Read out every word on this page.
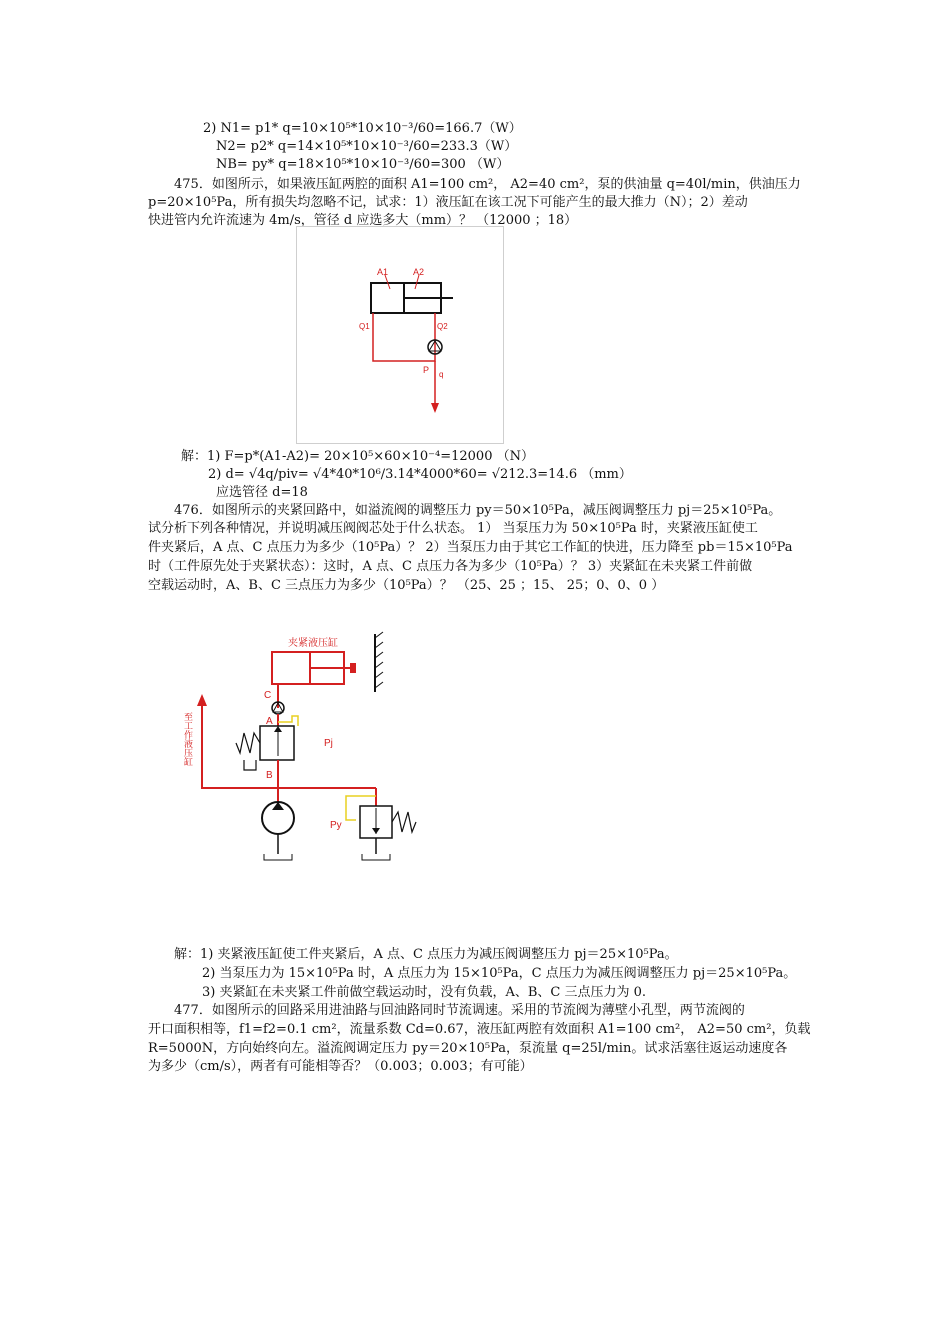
2) N1= p1* q=10×10⁵*10×10⁻³/60=166.7（W）
N2= p2* q=14×10⁵*10×10⁻³/60=233.3（W）
NB= py* q=18×10⁵*10×10⁻³/60=300 （W）
475．如图所示，如果液压缸两腔的面积 A1=100 cm²， A2=40 cm²，泵的供油量 q=40l/min，供油压力
p=20×10⁵Pa，所有损失均忽略不记，试求：1）液压缸在该工况下可能产生的最大推力（N）；2）差动
快进管内允许流速为 4m/s，管径 d 应选多大（mm）？ （12000 ；18）
A1	A2
Q1	Q2
P q
解：1) F=p*(A1-A2)= 20×10⁵×60×10⁻⁴=12000 （N）
2) d= √4q/piv= √4*40*10⁶/3.14*4000*60= √212.3=14.6 （mm）
应选管径 d=18
476．如图所示的夹紧回路中，如溢流阀的调整压力 py＝50×10⁵Pa，减压阀调整压力 pj＝25×10⁵Pa。
试分析下列各种情况，并说明减压阀阀芯处于什么状态。 1） 当泵压力为 50×10⁵Pa 时，夹紧液压缸使工
件夹紧后，A 点、C 点压力为多少（10⁵Pa）？ 2）当泵压力由于其它工作缸的快进，压力降至 pb＝15×10⁵Pa
时（工件原先处于夹紧状态）：这时，A 点、C 点压力各为多少（10⁵Pa）？ 3）夹紧缸在未夹紧工件前做
空载运动时，A、B、C 三点压力为多少（10⁵Pa）？ （25、25 ；15、 25；0、0、0 ）
夹紧液压缸
C
A
Pj
B
至工作液压缸
Py
解：1) 夹紧液压缸使工件夹紧后，A 点、C 点压力为减压阀调整压力 pj＝25×10⁵Pa。
2) 当泵压力为 15×10⁵Pa 时，A 点压力为 15×10⁵Pa，C 点压力为减压阀调整压力 pj＝25×10⁵Pa。
3) 夹紧缸在未夹紧工件前做空载运动时，没有负载，A、B、C 三点压力为 0.
477．如图所示的回路采用进油路与回油路同时节流调速。采用的节流阀为薄壁小孔型，两节流阀的
开口面积相等，f1=f2=0.1 cm²，流量系数 Cd=0.67，液压缸两腔有效面积 A1=100 cm²， A2=50 cm²，负载
R=5000N，方向始终向左。溢流阀调定压力 py＝20×10⁵Pa，泵流量 q=25l/min。试求活塞往返运动速度各
为多少（cm/s），两者有可能相等否？（0.003；0.003；有可能）
